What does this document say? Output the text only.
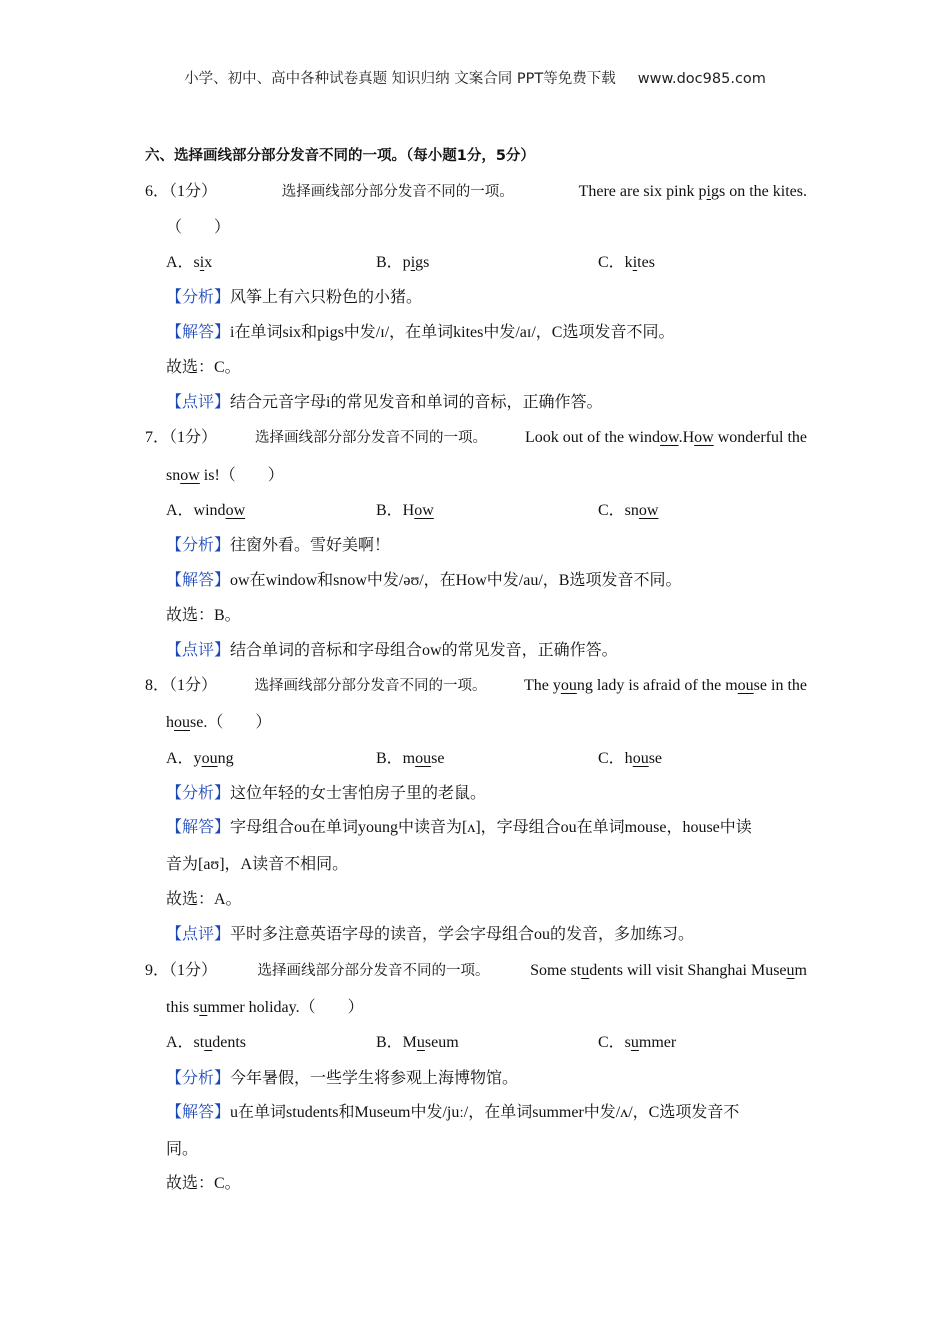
小学、初中、高中各种试卷真题 知识归纳 文案合同 PPT等免费下载 www.doc985.com
六、选择画线部分部分发音不同的一项。（每小题1分，5分）
6．（1分）	选择画线部分部分发音不同的一项。	There are six pink pigs on the kites.
（　　）
A．six	B．pigs	C．kites
【分析】风筝上有六只粉色的小猪。
【解答】i在单词six和pigs中发/ɪ/，在单词kites中发/aɪ/，C选项发音不同。
故选：C。
【点评】结合元音字母i的常见发音和单词的音标，正确作答。
7．（1分）	选择画线部分部分发音不同的一项。 Look out of the window.How wonderful the
snow is!（　　）
A．window	B．How	C．snow
【分析】往窗外看。雪好美啊！
【解答】ow在window和snow中发/əʊ/，在How中发/au/，B选项发音不同。
故选：B。
【点评】结合单词的音标和字母组合ow的常见发音，正确作答。
8．（1分）	选择画线部分部分发音不同的一项。 The young lady is afraid of the mouse in the
house.（　　）
A．young	B．mouse	C．house
【分析】这位年轻的女士害怕房子里的老鼠。
【解答】字母组合ou在单词young中读音为[ʌ]，字母组合ou在单词mouse，house中读
音为[aʊ]，A读音不相同。
故选：A。
【点评】平时多注意英语字母的读音，学会字母组合ou的发音，多加练习。
9．（1分）	选择画线部分部分发音不同的一项。	Some students will visit Shanghai Museum
this summer holiday.（　　）
A．students	B．Museum	C．summer
【分析】今年暑假，一些学生将参观上海博物馆。
【解答】u在单词students和Museum中发/juː/，在单词summer中发/ʌ/，C选项发音不
同。
故选：C。
